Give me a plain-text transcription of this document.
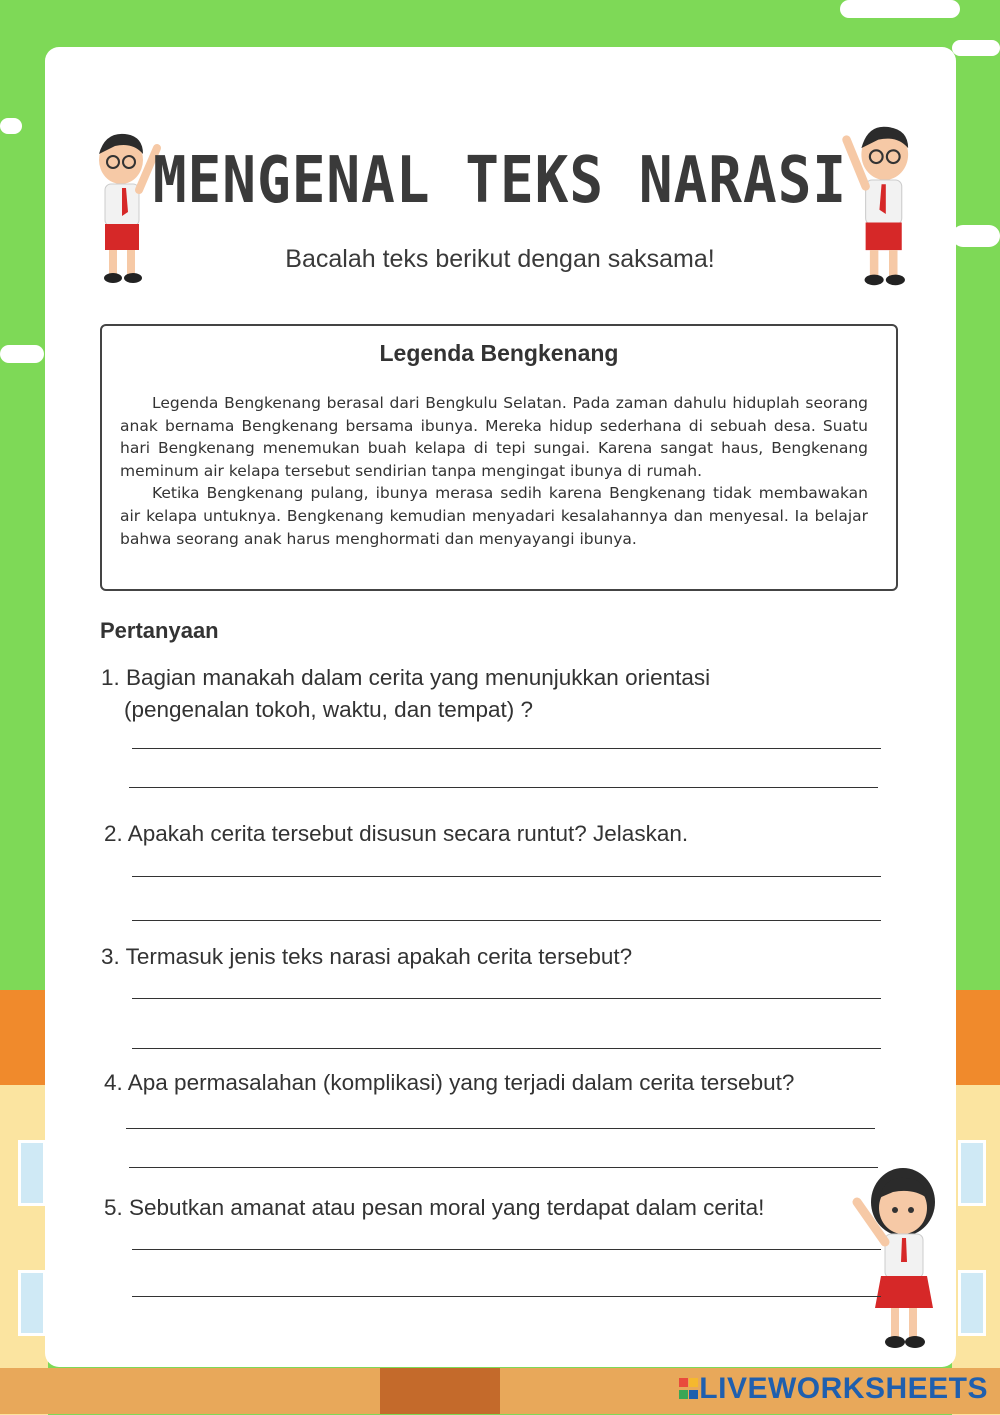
MENGENAL TEKS NARASI
Bacalah teks berikut dengan saksama!
Legenda Bengkenang

Legenda Bengkenang berasal dari Bengkulu Selatan. Pada zaman dahulu hiduplah seorang anak bernama Bengkenang bersama ibunya. Mereka hidup sederhana di sebuah desa. Suatu hari Bengkenang menemukan buah kelapa di tepi sungai. Karena sangat haus, Bengkenang meminum air kelapa tersebut sendirian tanpa mengingat ibunya di rumah.

Ketika Bengkenang pulang, ibunya merasa sedih karena Bengkenang tidak membawakan air kelapa untuknya. Bengkenang kemudian menyadari kesalahannya dan menyesal. Ia belajar bahwa seorang anak harus menghormati dan menyayangi ibunya.

Pertanyaan
1. Bagian manakah dalam cerita yang menunjukkan orientasi
(pengenalan tokoh, waktu, dan tempat) ?
2. Apakah cerita tersebut disusun secara runtut? Jelaskan.
3. Termasuk jenis teks narasi apakah cerita tersebut?
4. Apa permasalahan (komplikasi) yang terjadi dalam cerita tersebut?
5. Sebutkan amanat atau pesan moral yang terdapat dalam cerita!
LIVEWORKSHEETS
